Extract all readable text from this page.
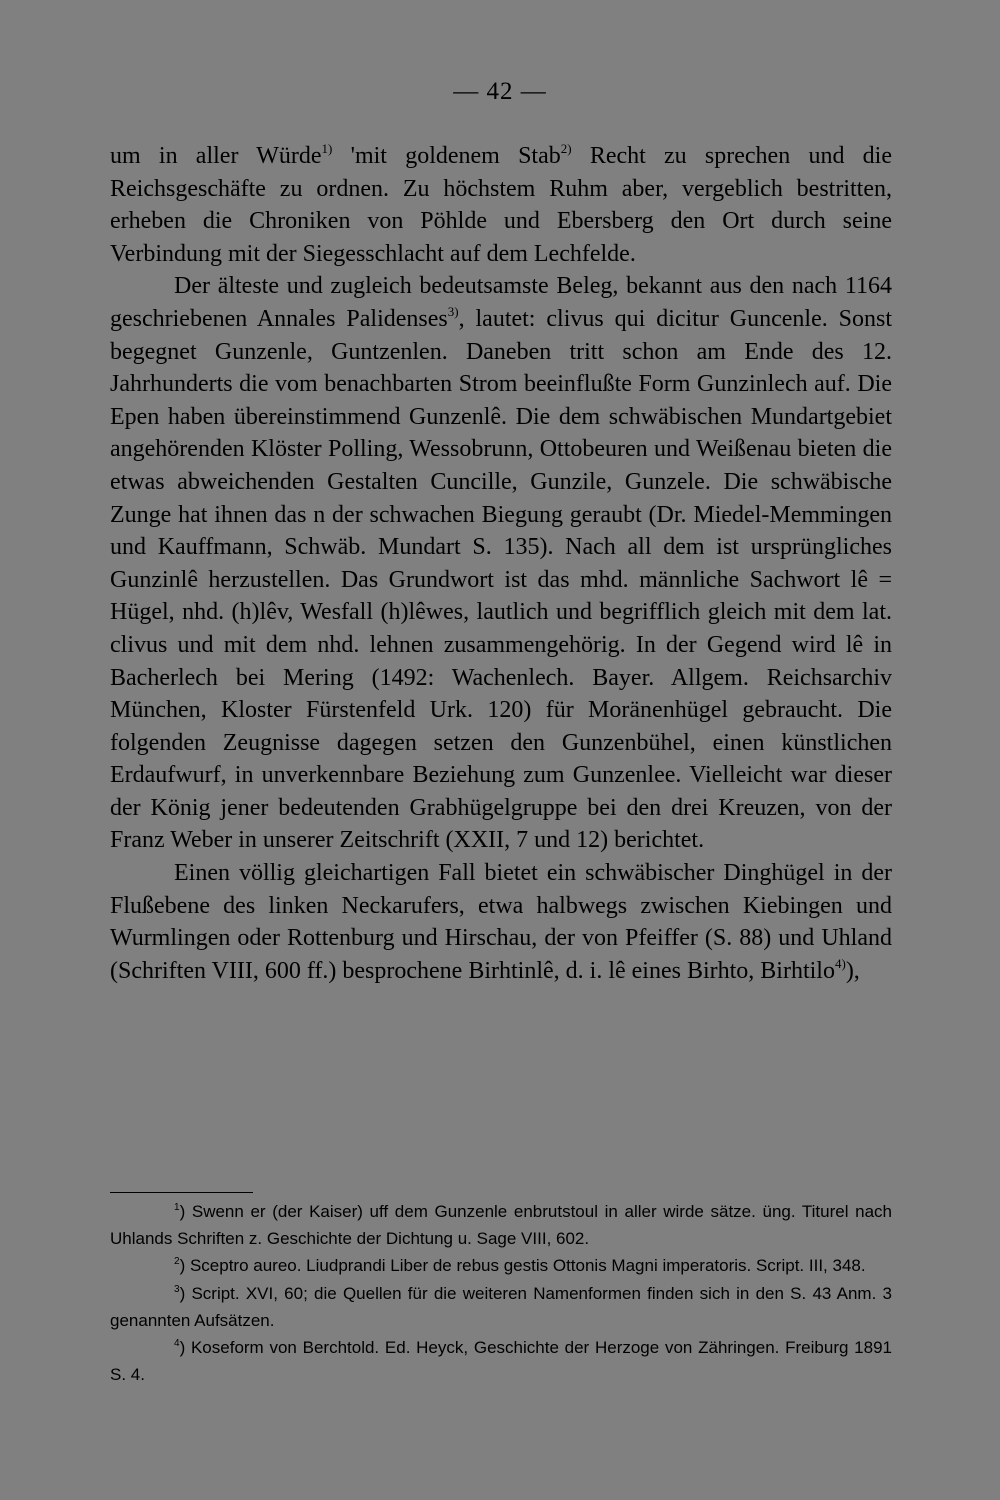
— 42 —

um in aller Würde$^{1)}$ 'mit goldenem Stab$^{2)}$ Recht zu sprechen und die Reichsgeschäfte zu ordnen. Zu höchstem Ruhm aber, vergeblich bestritten, erheben die Chroniken von Pöhlde und Ebersberg den Ort durch seine Verbindung mit der Siegesschlacht auf dem Lechfelde.

Der älteste und zugleich bedeutsamste Beleg, bekannt aus den nach 1164 geschriebenen Annales Palidenses$^{3)}$, lautet: clivus qui dicitur Guncenle. Sonst begegnet Gunzenle, Guntzenlen. Daneben tritt schon am Ende des 12. Jahrhunderts die vom benachbarten Strom beeinflußte Form Gunzinlech auf. Die Epen haben übereinstimmend Gunzenlê. Die dem schwäbischen Mundartgebiet angehörenden Klöster Polling, Wessobrunn, Ottobeuren und Weißenau bieten die etwas abweichenden Gestalten Cuncille, Gunzile, Gunzele. Die schwäbische Zunge hat ihnen das n der schwachen Biegung geraubt (Dr. Miedel-Memmingen und Kauffmann, Schwäb. Mundart S. 135). Nach all dem ist ursprüngliches Gunzinlê herzustellen. Das Grundwort ist das mhd. männliche Sachwort lê = Hügel, nhd. (h)lêv, Wesfall (h)lêwes, lautlich und begrifflich gleich mit dem lat. clivus und mit dem nhd. lehnen zusammengehörig. In der Gegend wird lê in Bacherlech bei Mering (1492: Wachenlech. Bayer. Allgem. Reichsarchiv München, Kloster Fürstenfeld Urk. 120) für Moränenhügel gebraucht. Die folgenden Zeugnisse dagegen setzen den Gunzenbühel, einen künstlichen Erdaufwurf, in unverkennbare Beziehung zum Gunzenlee. Vielleicht war dieser der König jener bedeutenden Grabhügelgruppe bei den drei Kreuzen, von der Franz Weber in unserer Zeitschrift (XXII, 7 und 12) berichtet.

Einen völlig gleichartigen Fall bietet ein schwäbischer Dinghügel in der Flußebene des linken Neckarufers, etwa halbwegs zwischen Kiebingen und Wurmlingen oder Rottenburg und Hirschau, der von Pfeiffer (S. 88) und Uhland (Schriften VIII, 600 ff.) besprochene Birhtinlê, d. i. lê eines Birhto, Birhtilo$^{4)}$),

$^1$) Swenn er (der Kaiser) uff dem Gunzenle enbrutstoul in aller wirde sätze. üng. Titurel nach Uhlands Schriften z. Geschichte der Dichtung u. Sage VIII, 602.

$^2$) Sceptro aureo. Liudprandi Liber de rebus gestis Ottonis Magni imperatoris. Script. III, 348.

$^3$) Script. XVI, 60; die Quellen für die weiteren Namenformen finden sich in den S. 43 Anm. 3 genannten Aufsätzen.

$^4$) Koseform von Berchtold. Ed. Heyck, Geschichte der Herzoge von Zähringen. Freiburg 1891 S. 4.
